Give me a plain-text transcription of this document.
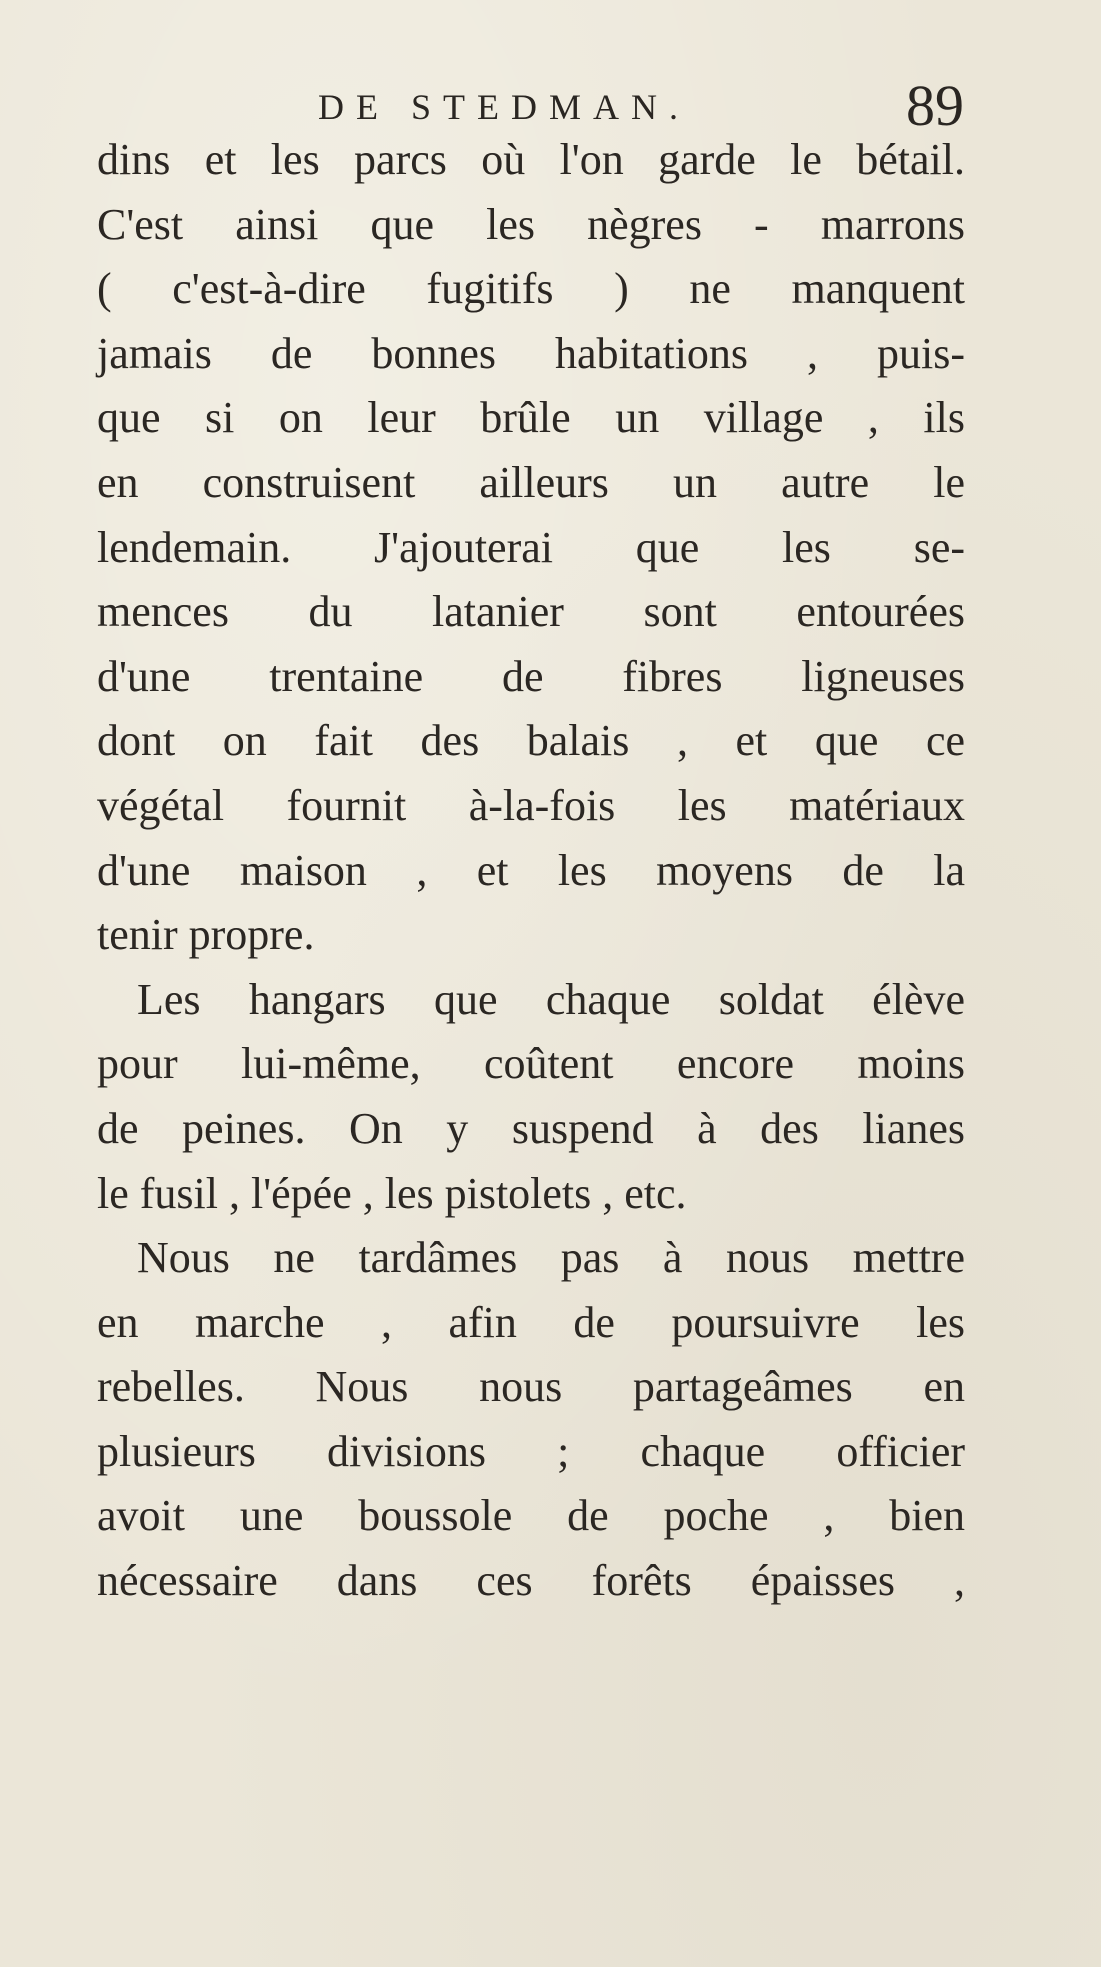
DE STEDMAN.	89
dins et les parcs où l'on garde le bétail.
C'est ainsi que les nègres - marrons
( c'est-à-dire fugitifs ) ne manquent
jamais de bonnes habitations , puis-
que si on leur brûle un village , ils
en construisent ailleurs un autre le
lendemain. J'ajouterai que les se-
mences du latanier sont entourées
d'une trentaine de fibres ligneuses
dont on fait des balais , et que ce
végétal fournit à-la-fois les matériaux
d'une maison , et les moyens de la
tenir propre.
Les hangars que chaque soldat élève
pour lui-même, coûtent encore moins
de peines. On y suspend à des lianes
le fusil , l'épée , les pistolets , etc.
Nous ne tardâmes pas à nous mettre
en marche , afin de poursuivre les
rebelles. Nous nous partageâmes en
plusieurs divisions ; chaque officier
avoit une boussole de poche , bien
nécessaire dans ces forêts épaisses ,
